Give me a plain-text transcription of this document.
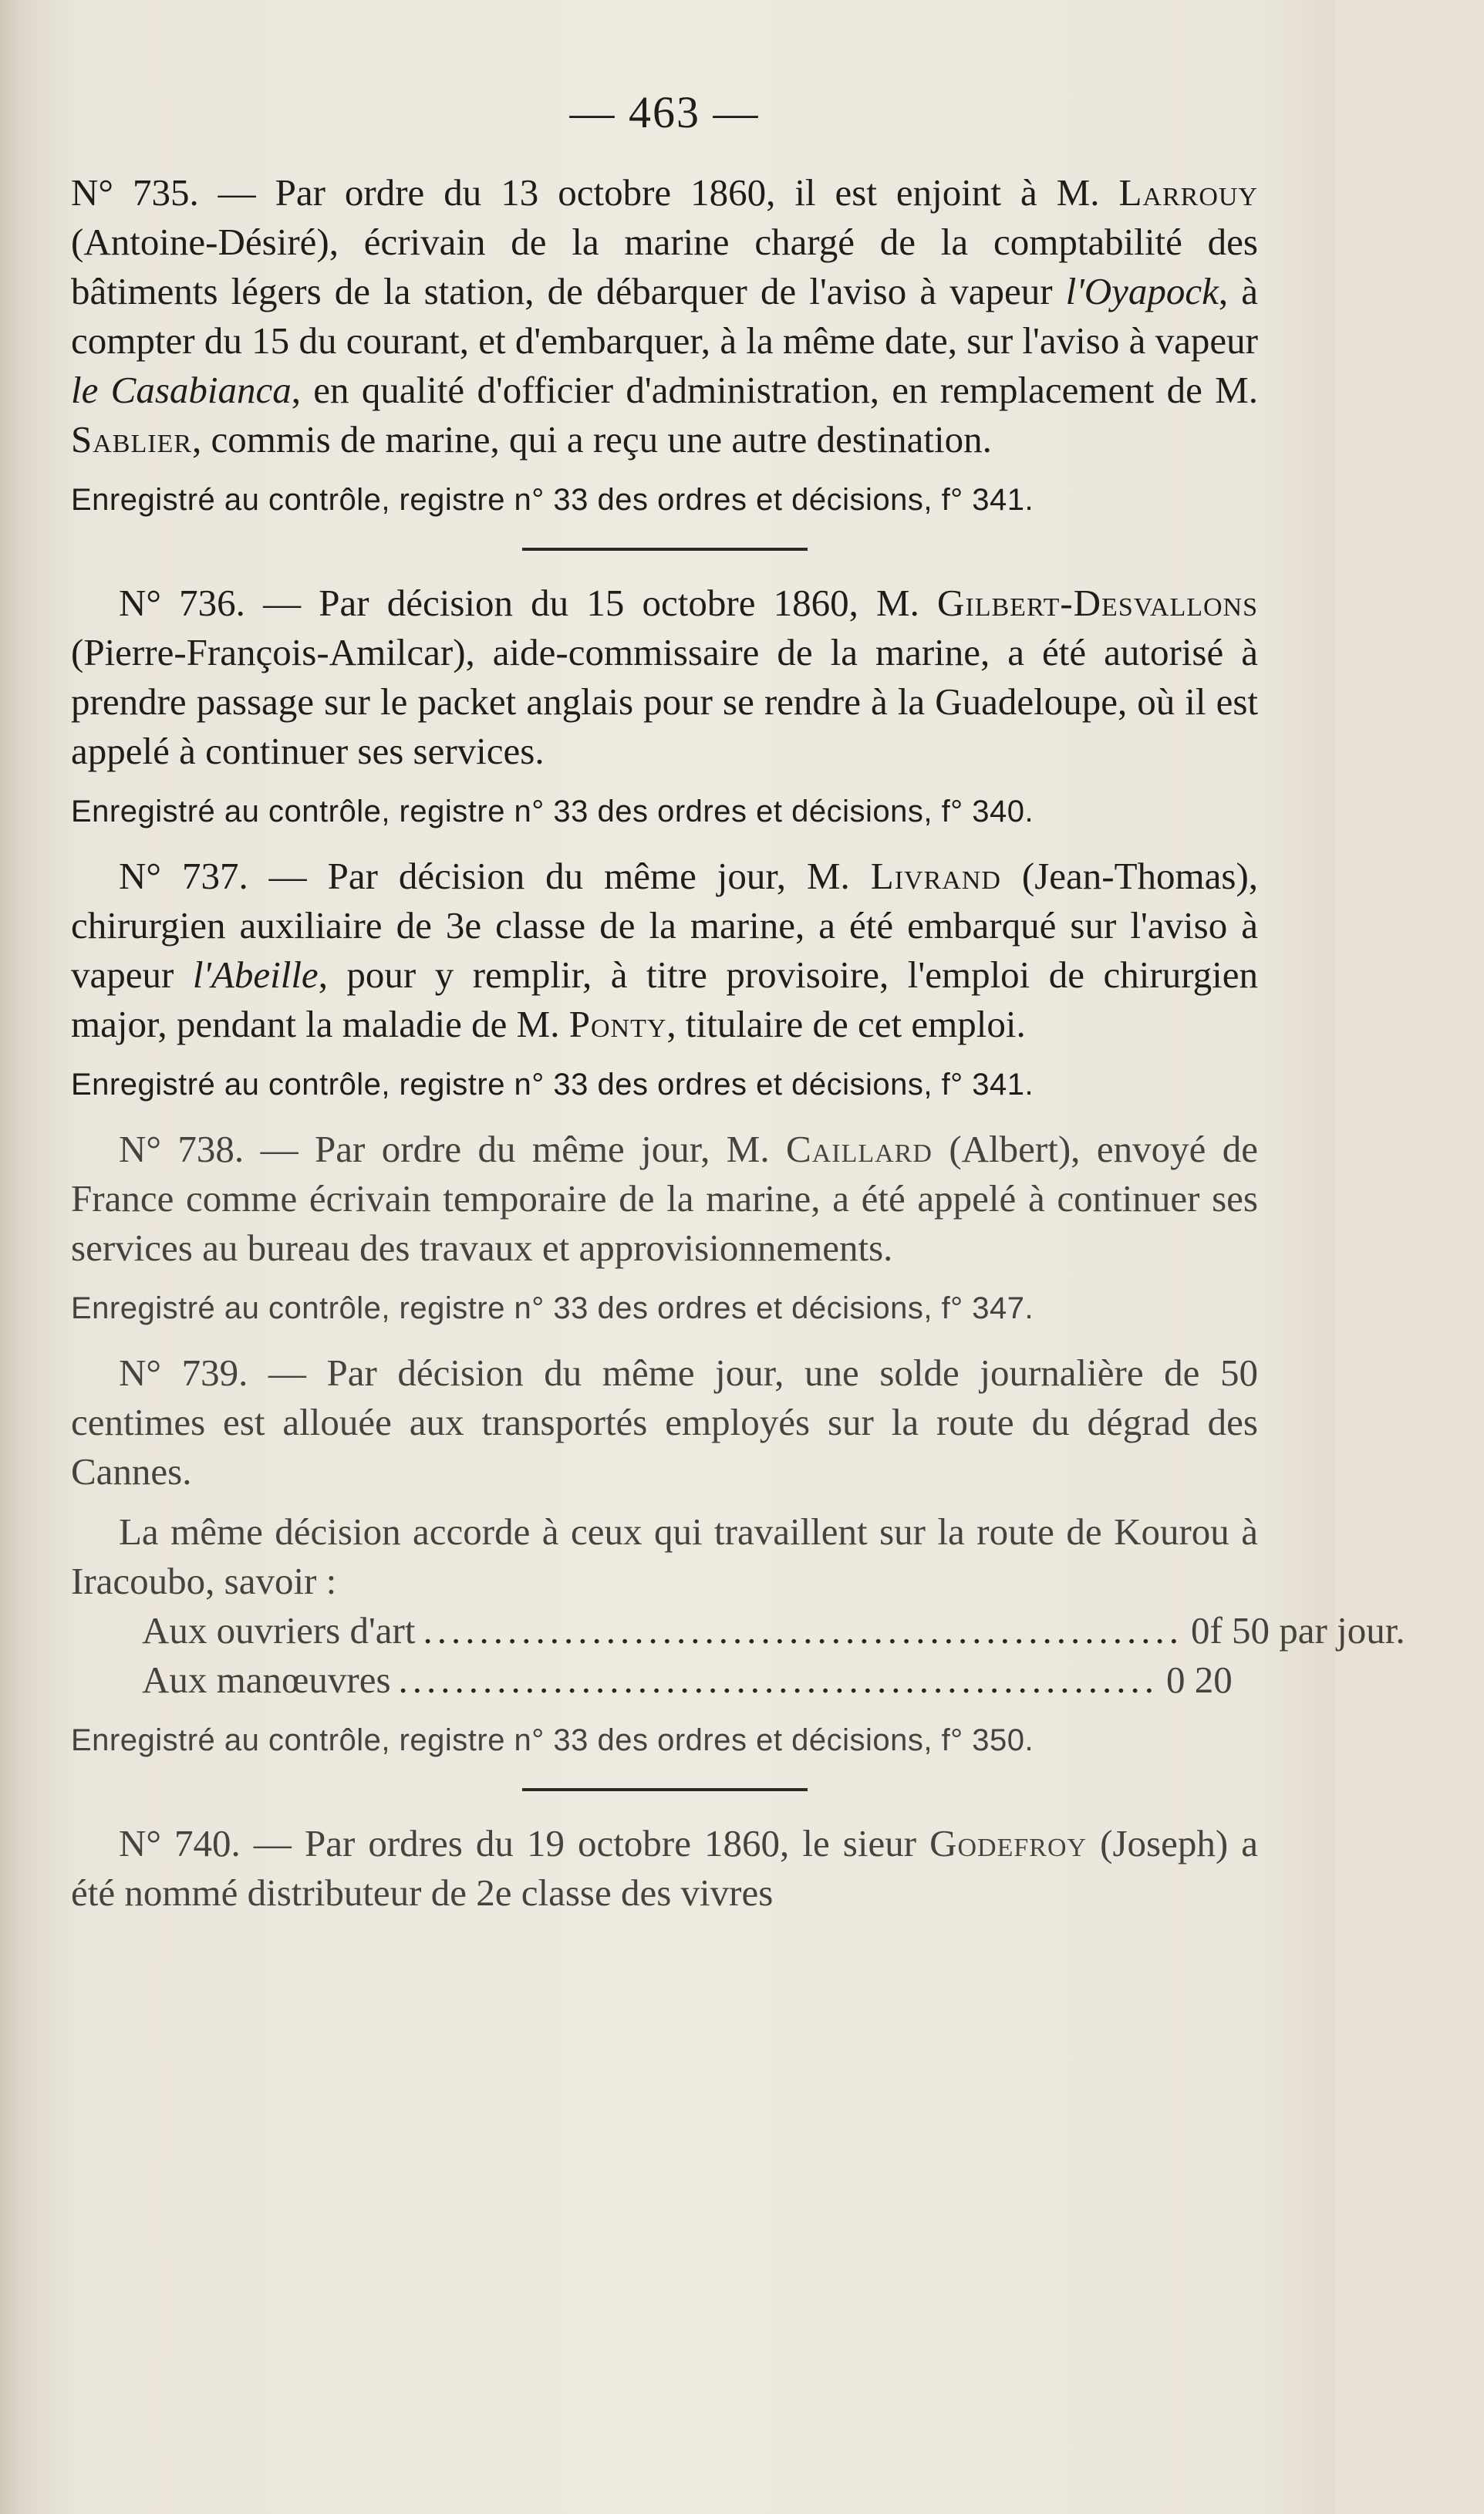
— 463 —

N° 735. — Par ordre du 13 octobre 1860, il est enjoint à M. Larrouy (Antoine-Désiré), écrivain de la marine chargé de la comptabilité des bâtiments légers de la station, de débarquer de l'aviso à vapeur l'Oyapock, à compter du 15 du courant, et d'embarquer, à la même date, sur l'aviso à vapeur le Casabianca, en qualité d'officier d'administration, en remplacement de M. Sablier, commis de marine, qui a reçu une autre destination.

Enregistré au contrôle, registre n° 33 des ordres et décisions, f° 341.

N° 736. — Par décision du 15 octobre 1860, M. Gilbert-Desvallons (Pierre-François-Amilcar), aide-commissaire de la marine, a été autorisé à prendre passage sur le packet anglais pour se rendre à la Guadeloupe, où il est appelé à continuer ses services.

Enregistré au contrôle, registre n° 33 des ordres et décisions, f° 340.

N° 737. — Par décision du même jour, M. Livrand (Jean-Thomas), chirurgien auxiliaire de 3e classe de la marine, a été embarqué sur l'aviso à vapeur l'Abeille, pour y remplir, à titre provisoire, l'emploi de chirurgien major, pendant la maladie de M. Ponty, titulaire de cet emploi.

Enregistré au contrôle, registre n° 33 des ordres et décisions, f° 341.

N° 738. — Par ordre du même jour, M. Caillard (Albert), envoyé de France comme écrivain temporaire de la marine, a été appelé à continuer ses services au bureau des travaux et approvisionnements.

Enregistré au contrôle, registre n° 33 des ordres et décisions, f° 347.

N° 739. — Par décision du même jour, une solde journalière de 50 centimes est allouée aux transportés employés sur la route du dégrad des Cannes.

La même décision accorde à ceux qui travaillent sur la route de Kourou à Iracoubo, savoir :

Aux ouvriers d'art ...................................................... 0f 50 par jour.
Aux manœuvres ...................................................... 0 20

Enregistré au contrôle, registre n° 33 des ordres et décisions, f° 350.

N° 740. — Par ordres du 19 octobre 1860, le sieur Godefroy (Joseph) a été nommé distributeur de 2e classe des vivres
